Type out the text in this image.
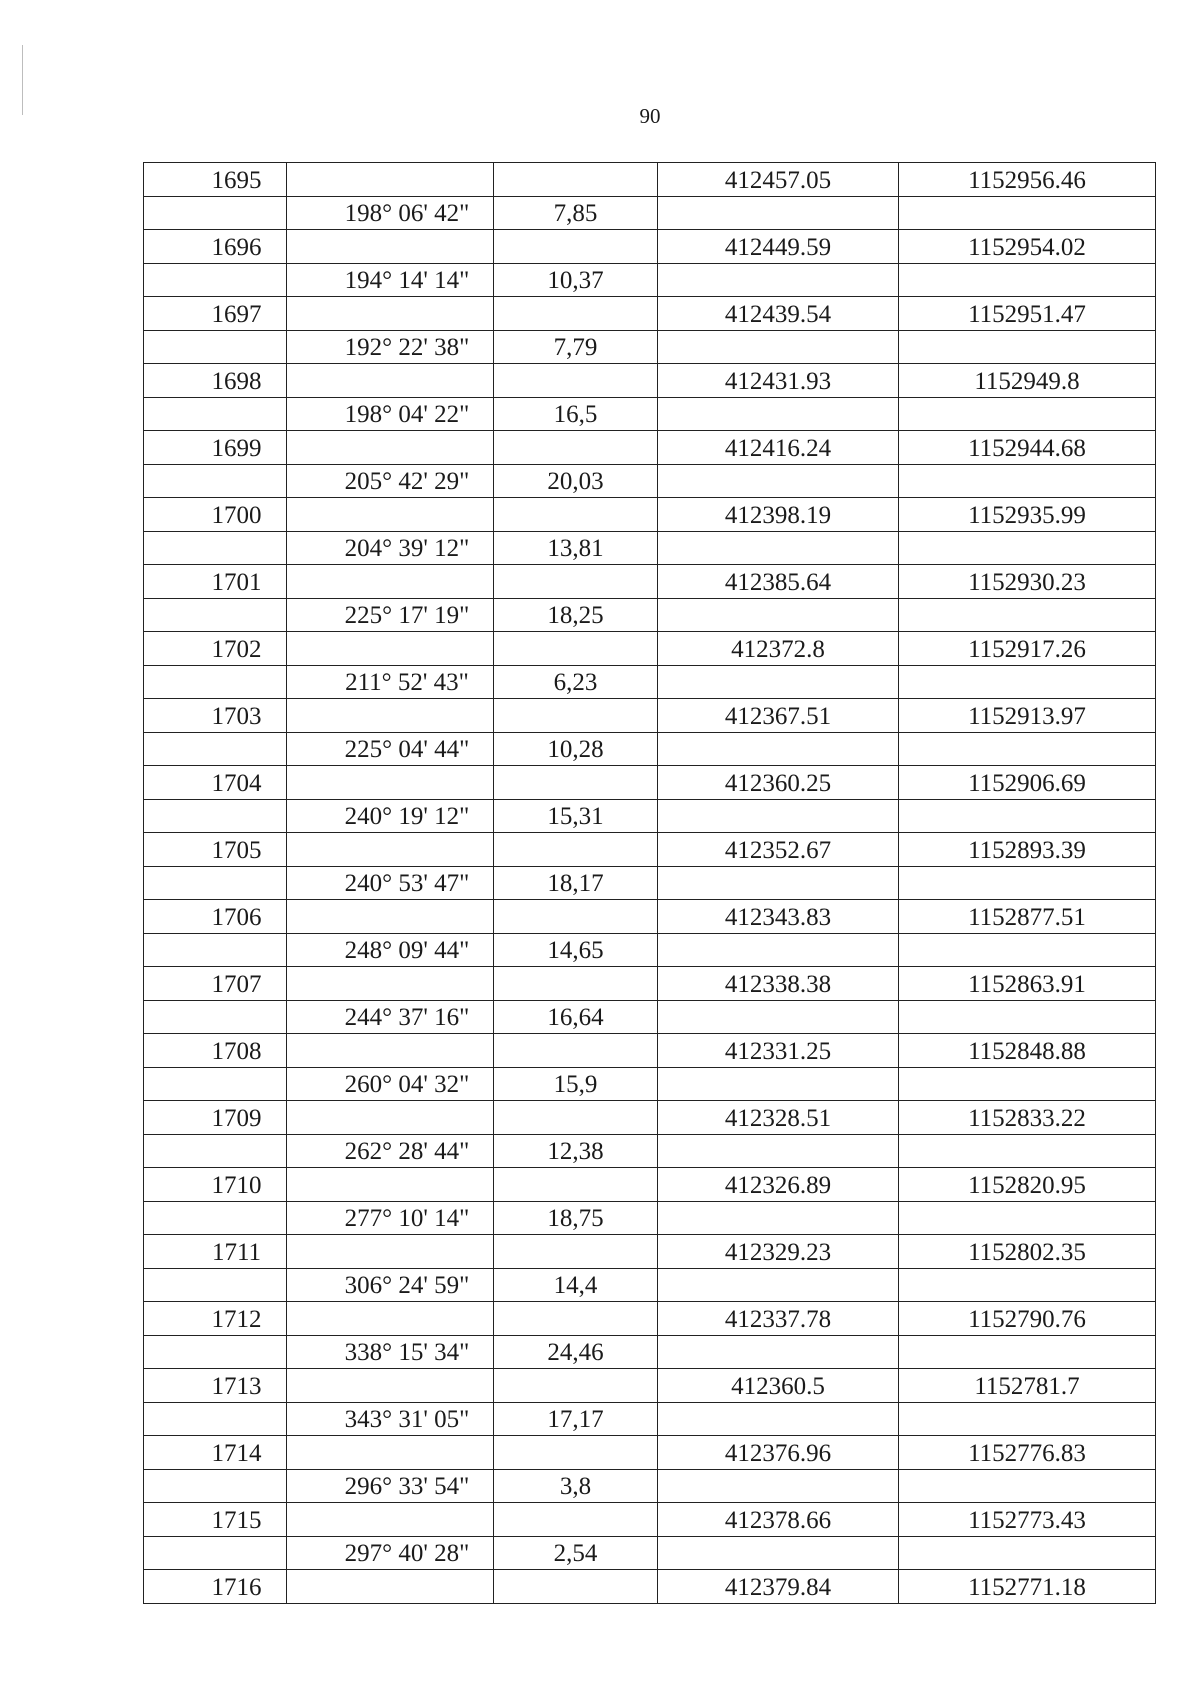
90
1695			412457.05	1152956.46
	198° 06' 42"	7,85		
1696			412449.59	1152954.02
	194° 14' 14"	10,37		
1697			412439.54	1152951.47
	192° 22' 38"	7,79		
1698			412431.93	1152949.8
	198° 04' 22"	16,5		
1699			412416.24	1152944.68
	205° 42' 29"	20,03		
1700			412398.19	1152935.99
	204° 39' 12"	13,81		
1701			412385.64	1152930.23
	225° 17' 19"	18,25		
1702			412372.8	1152917.26
	211° 52' 43"	6,23		
1703			412367.51	1152913.97
	225° 04' 44"	10,28		
1704			412360.25	1152906.69
	240° 19' 12"	15,31		
1705			412352.67	1152893.39
	240° 53' 47"	18,17		
1706			412343.83	1152877.51
	248° 09' 44"	14,65		
1707			412338.38	1152863.91
	244° 37' 16"	16,64		
1708			412331.25	1152848.88
	260° 04' 32"	15,9		
1709			412328.51	1152833.22
	262° 28' 44"	12,38		
1710			412326.89	1152820.95
	277° 10' 14"	18,75		
1711			412329.23	1152802.35
	306° 24' 59"	14,4		
1712			412337.78	1152790.76
	338° 15' 34"	24,46		
1713			412360.5	1152781.7
	343° 31' 05"	17,17		
1714			412376.96	1152776.83
	296° 33' 54"	3,8		
1715			412378.66	1152773.43
	297° 40' 28"	2,54		
1716			412379.84	1152771.18
